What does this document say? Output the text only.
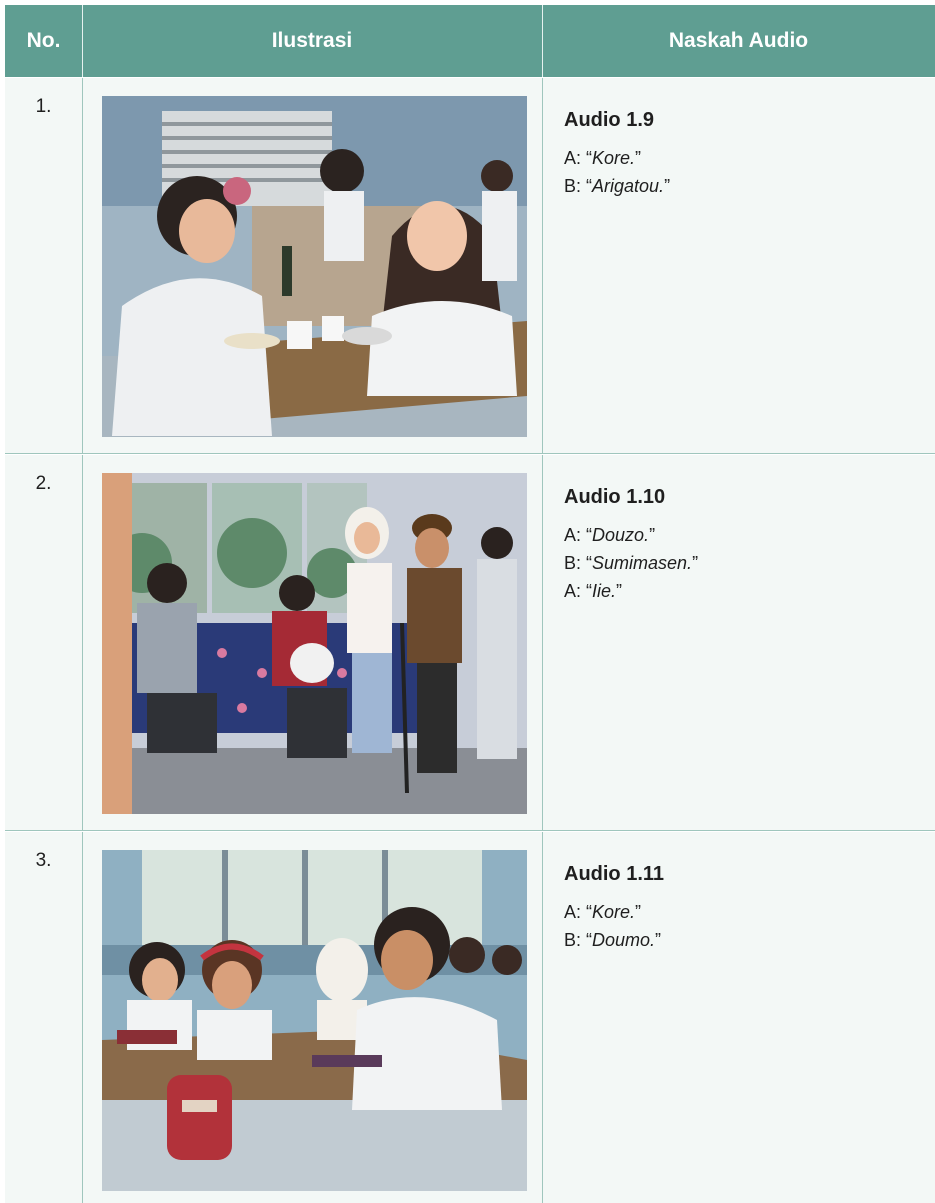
No.	Ilustrasi	Naskah Audio
1.
Audio 1.9
A: “Kore.”
B: “Arigatou.”
2.
Audio 1.10
A: “Douzo.”
B: “Sumimasen.”
A: “Iie.”
3.
Audio 1.11
A: “Kore.”
B: “Doumo.”
